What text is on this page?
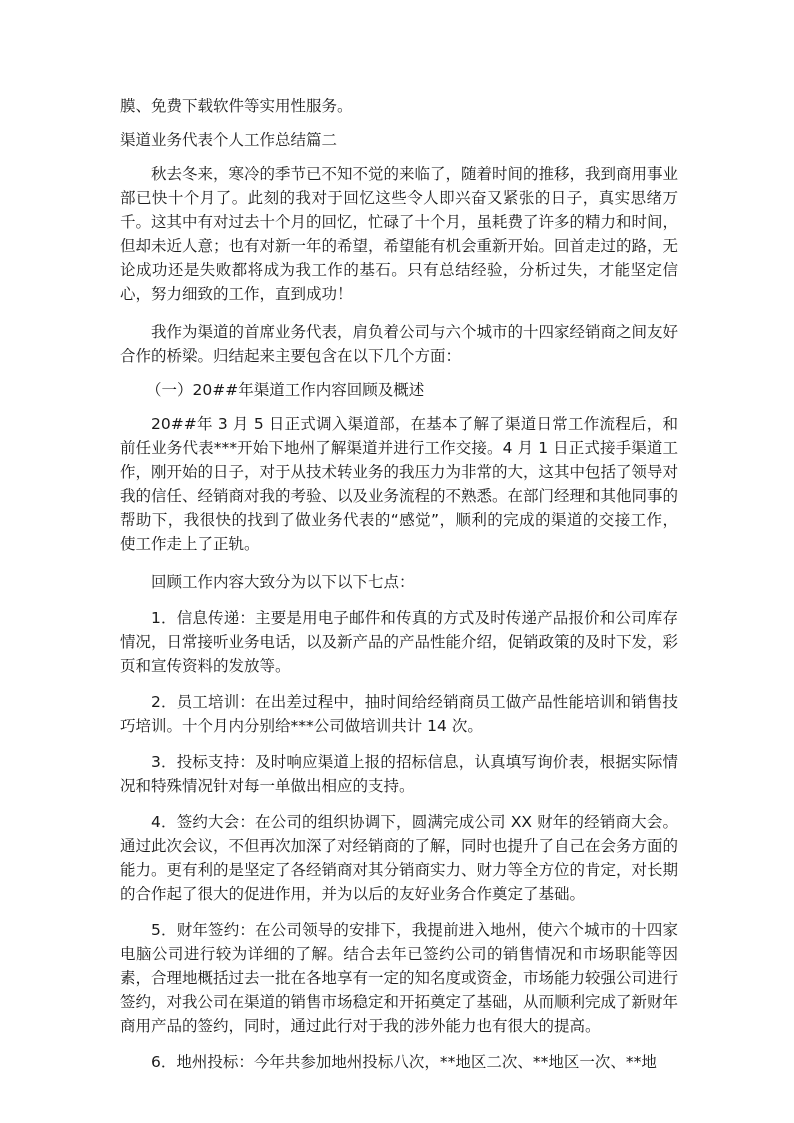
膜、免费下载软件等实用性服务。

渠道业务代表个人工作总结篇二

秋去冬来，寒冷的季节已不知不觉的来临了，随着时间的推移，我到商用事业部已快十个月了。此刻的我对于回忆这些令人即兴奋又紧张的日子，真实思绪万千。这其中有对过去十个月的回忆，忙碌了十个月，虽耗费了许多的精力和时间，但却未近人意；也有对新一年的希望，希望能有机会重新开始。回首走过的路，无论成功还是失败都将成为我工作的基石。只有总结经验，分析过失，才能坚定信心，努力细致的工作，直到成功！

我作为渠道的首席业务代表，肩负着公司与六个城市的十四家经销商之间友好合作的桥梁。归结起来主要包含在以下几个方面：

（一）20##年渠道工作内容回顾及概述

20##年 3 月 5 日正式调入渠道部，在基本了解了渠道日常工作流程后，和前任业务代表***开始下地州了解渠道并进行工作交接。4 月 1 日正式接手渠道工作，刚开始的日子，对于从技术转业务的我压力为非常的大，这其中包括了领导对我的信任、经销商对我的考验、以及业务流程的不熟悉。在部门经理和其他同事的帮助下，我很快的找到了做业务代表的“感觉”，顺利的完成的渠道的交接工作，使工作走上了正轨。

回顾工作内容大致分为以下以下七点：

1．信息传递：主要是用电子邮件和传真的方式及时传递产品报价和公司库存情况，日常接听业务电话，以及新产品的产品性能介绍，促销政策的及时下发，彩页和宣传资料的发放等。

2．员工培训：在出差过程中，抽时间给经销商员工做产品性能培训和销售技巧培训。十个月内分别给***公司做培训共计 14 次。

3．投标支持：及时响应渠道上报的招标信息，认真填写询价表，根据实际情况和特殊情况针对每一单做出相应的支持。

4．签约大会：在公司的组织协调下，圆满完成公司 XX 财年的经销商大会。通过此次会议，不但再次加深了对经销商的了解，同时也提升了自己在会务方面的能力。更有利的是坚定了各经销商对其分销商实力、财力等全方位的肯定，对长期的合作起了很大的促进作用，并为以后的友好业务合作奠定了基础。

5．财年签约：在公司领导的安排下，我提前进入地州，使六个城市的十四家电脑公司进行较为详细的了解。结合去年已签约公司的销售情况和市场职能等因素，合理地概括过去一批在各地享有一定的知名度或资金，市场能力较强公司进行签约，对我公司在渠道的销售市场稳定和开拓奠定了基础，从而顺利完成了新财年商用产品的签约，同时，通过此行对于我的涉外能力也有很大的提高。

6．地州投标：今年共参加地州投标八次，**地区二次、**地区一次、**地
